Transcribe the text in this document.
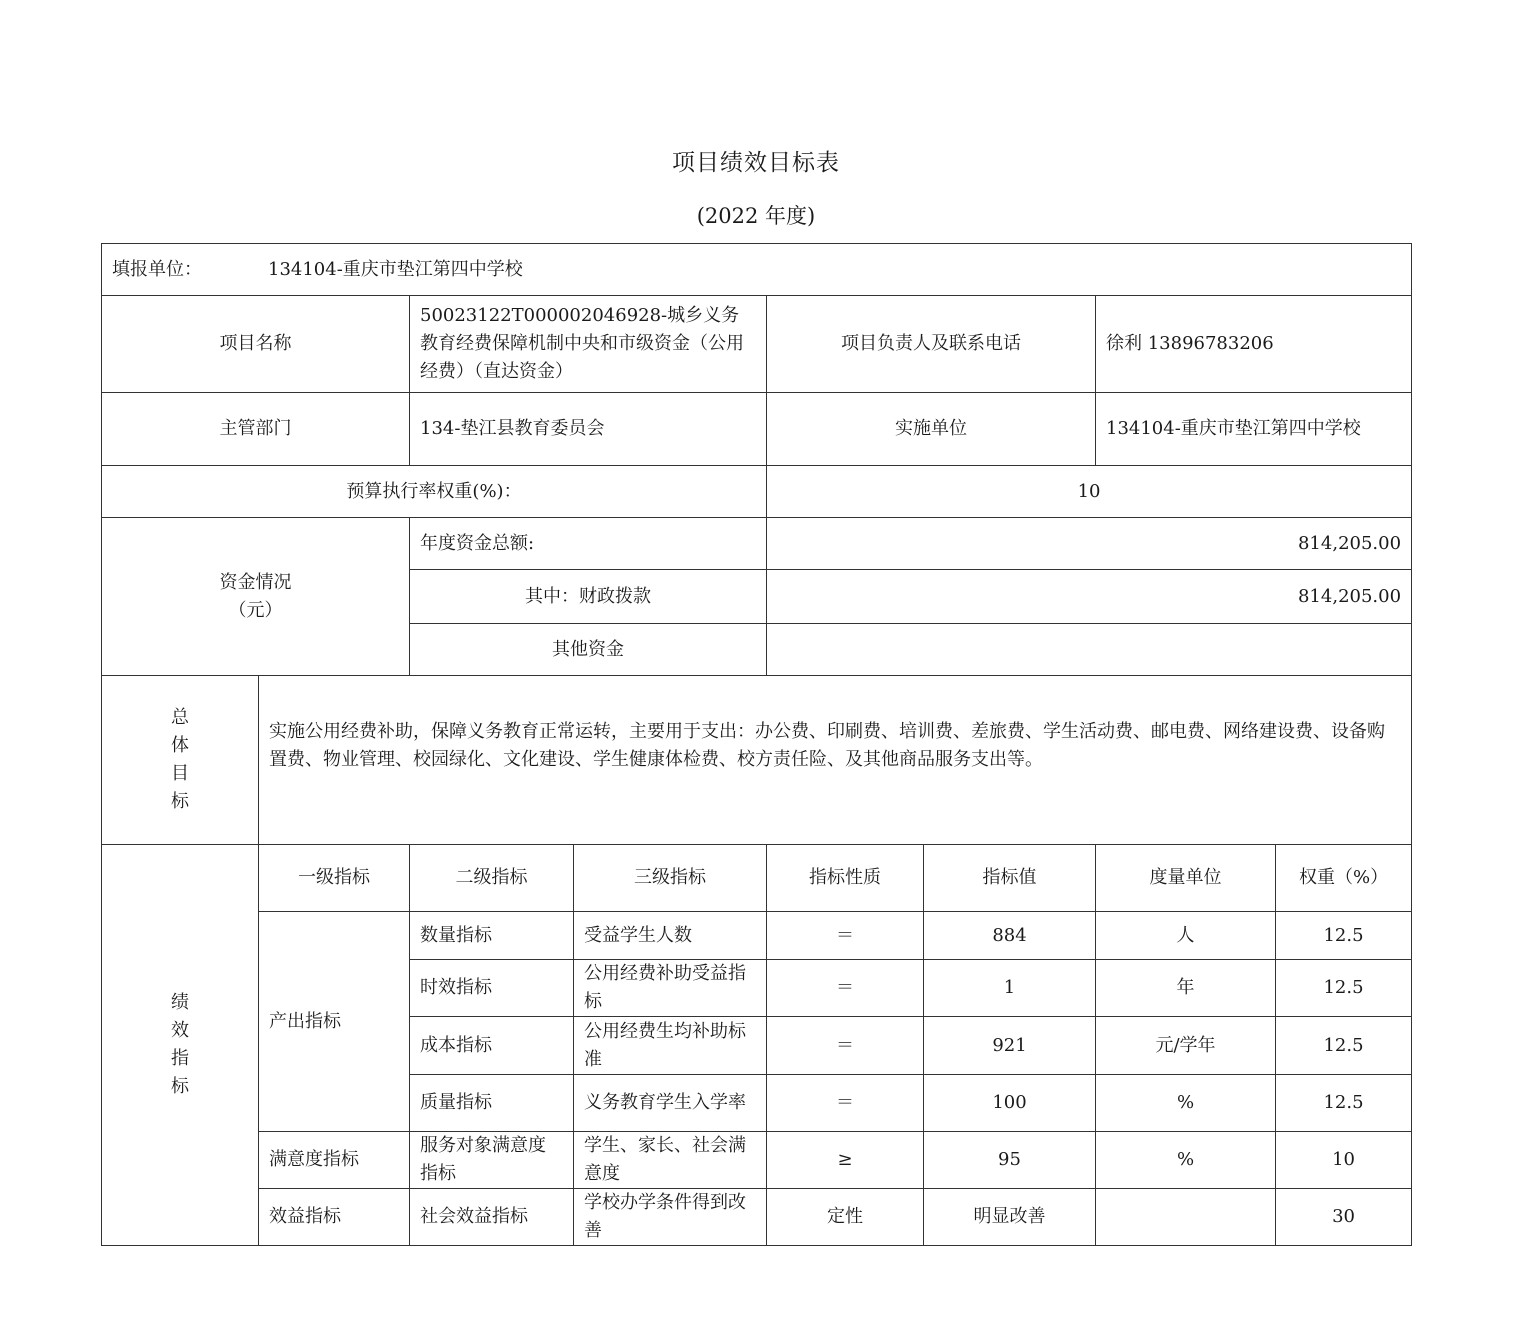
项目绩效目标表
(2022 年度)
填报单位： 134104-重庆市垫江第四中学校							
项目名称		50023122T000002046928-城乡义务教育经费保障机制中央和市级资金（公用经费）（直达资金）		项目负责人及联系电话		徐利 13896783206	
主管部门		134-垫江县教育委员会		实施单位		134104-重庆市垫江第四中学校	
预算执行率权重(%)：				10			

资金情况
（元）		年度资金总额:		814,205.00			
		其中：财政拨款		814,205.00			
		其他资金					

总
体
目
标	实施公用经费补助，保障义务教育正常运转，主要用于支出：办公费、印刷费、培训费、差旅费、学生活动费、邮电费、网络建设费、设备购置费、物业管理、校园绿化、文化建设、学生健康体检费、校方责任险、及其他商品服务支出等。						

绩
效
指
标	一级指标	二级指标	三级指标	指标性质	指标值	度量单位	权重（%）
	产出指标	数量指标	受益学生人数	＝	884	人	12.5
		时效指标	公用经费补助受益指标	＝	1	年	12.5
		成本指标	公用经费生均补助标准	＝	921	元/学年	12.5
		质量指标	义务教育学生入学率	＝	100	%	12.5
	满意度指标	服务对象满意度指标	学生、家长、社会满意度	≥	95	%	10
	效益指标	社会效益指标	学校办学条件得到改善	定性	明显改善		30
